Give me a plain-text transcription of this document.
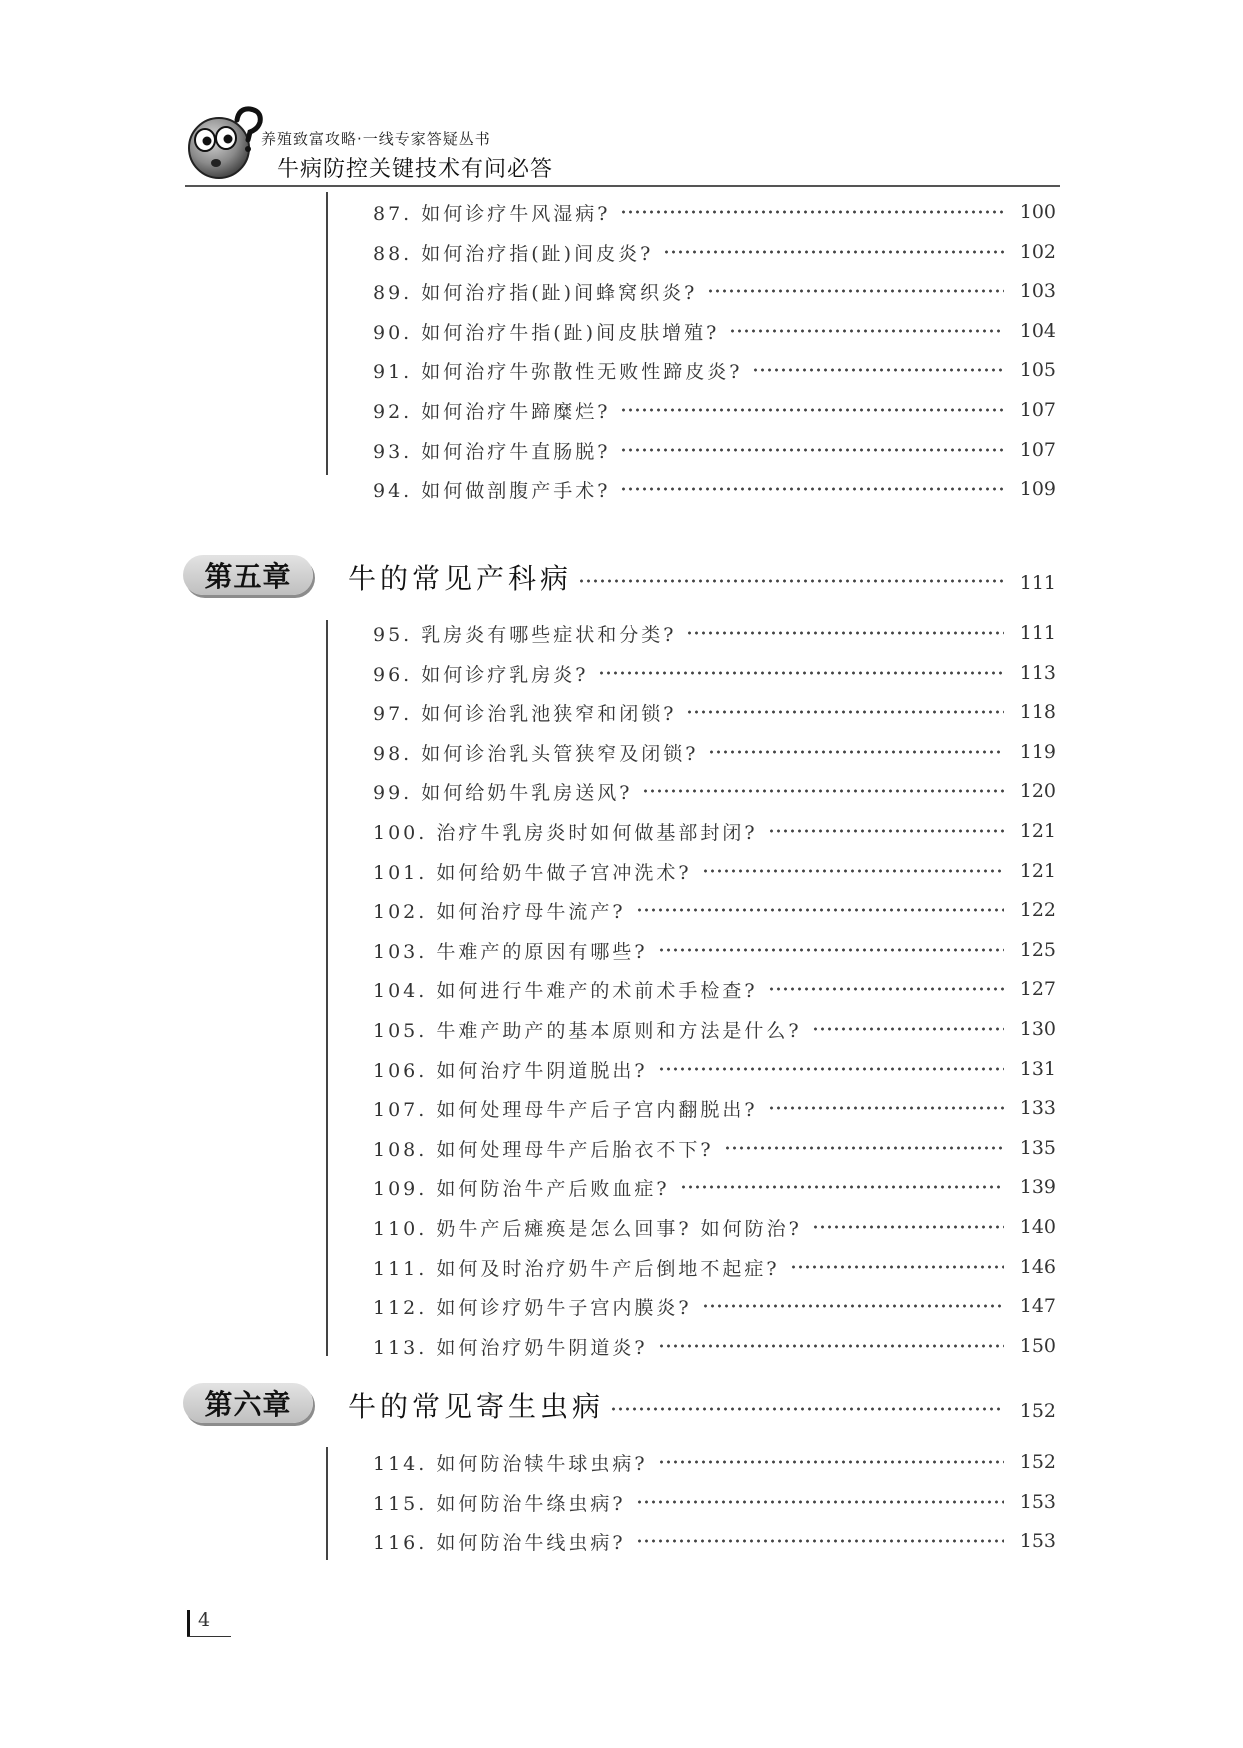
养殖致富攻略·一线专家答疑丛书
牛病防控关键技术有问必答
87. 如何诊疗牛风湿病?	100
88. 如何治疗指(趾)间皮炎?	102
89. 如何治疗指(趾)间蜂窝织炎?	103
90. 如何治疗牛指(趾)间皮肤增殖?	104
91. 如何治疗牛弥散性无败性蹄皮炎?	105
92. 如何治疗牛蹄糜烂?	107
93. 如何治疗牛直肠脱?	107
94. 如何做剖腹产手术?	109
第五章	牛的常见产科病	111
95. 乳房炎有哪些症状和分类?	111
96. 如何诊疗乳房炎?	113
97. 如何诊治乳池狭窄和闭锁?	118
98. 如何诊治乳头管狭窄及闭锁?	119
99. 如何给奶牛乳房送风?	120
100. 治疗牛乳房炎时如何做基部封闭?	121
101. 如何给奶牛做子宫冲洗术?	121
102. 如何治疗母牛流产?	122
103. 牛难产的原因有哪些?	125
104. 如何进行牛难产的术前术手检查?	127
105. 牛难产助产的基本原则和方法是什么?	130
106. 如何治疗牛阴道脱出?	131
107. 如何处理母牛产后子宫内翻脱出?	133
108. 如何处理母牛产后胎衣不下?	135
109. 如何防治牛产后败血症?	139
110. 奶牛产后瘫痪是怎么回事? 如何防治?	140
111. 如何及时治疗奶牛产后倒地不起症?	146
112. 如何诊疗奶牛子宫内膜炎?	147
113. 如何治疗奶牛阴道炎?	150
第六章	牛的常见寄生虫病	152
114. 如何防治犊牛球虫病?	152
115. 如何防治牛绦虫病?	153
116. 如何防治牛线虫病?	153
4
